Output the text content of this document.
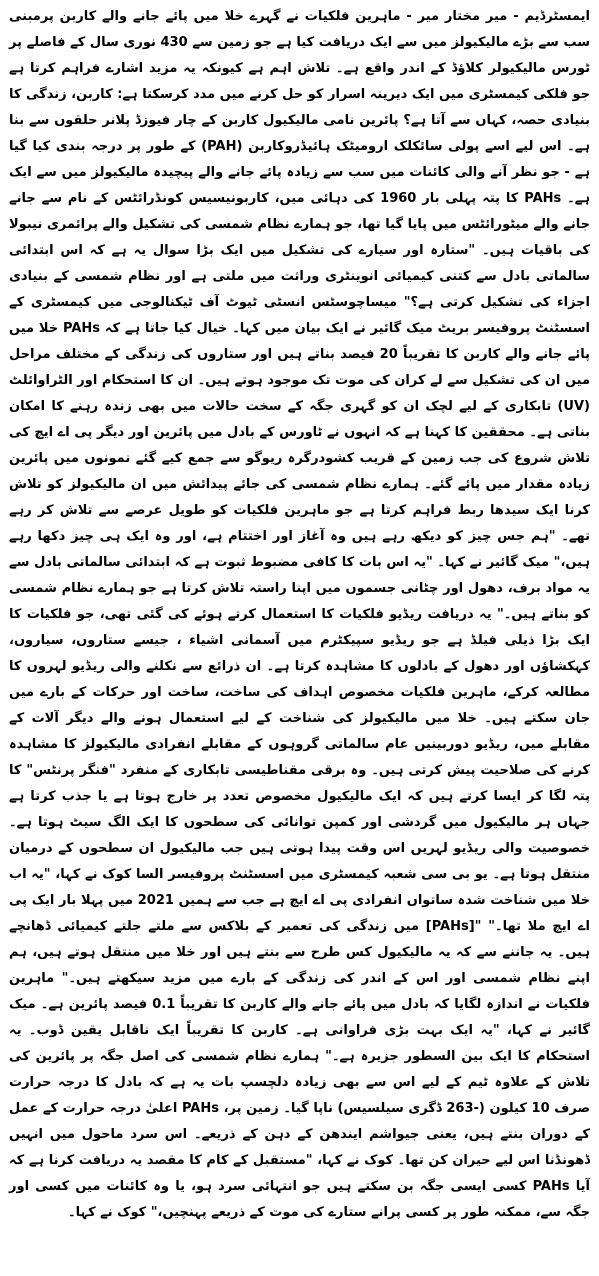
ایمسٹرڈیم - میر مختار میر - ماہرین فلکیات نے گہرے خلا میں پائے جانے والے کاربن پرمبنی سب سے بڑے مالیکیولز میں سے ایک دریافت کیا ہے جو زمین سے 430 نوری سال کے فاصلے پر ٹورس مالیکیولر کلاؤڈ کے اندر واقع ہے۔ تلاش اہم ہے کیونکہ یہ مزید اشارے فراہم کرتا ہے جو فلکی کیمسٹری میں ایک دیرینہ اسرار کو حل کرنے میں مدد کرسکتا ہے: کاربن، زندگی کا بنیادی حصہ، کہاں سے آتا ہے؟ پائرین نامی مالیکیول کاربن کے چار فیوزڈ پلانر حلقوں سے بنا ہے۔ اس لیے اسے پولی سائکلک ارومیٹک ہائیڈروکاربن (PAH) کے طور پر درجہ بندی کیا گیا ہے - جو نظر آنے والی کائنات میں سب سے زیادہ پائے جانے والے پیچیدہ مالیکیولز میں سے ایک ہے۔ PAHs کا پتہ پہلی بار 1960 کی دہائی میں، کاربونیسیس کونڈرائٹس کے نام سے جانے جانے والے میٹورائٹس میں پایا گیا تھا، جو ہمارے نظام شمسی کی تشکیل والے پرائمری نیبولا کی باقیات ہیں۔ "ستارہ اور سیارے کی تشکیل میں ایک بڑا سوال یہ ہے کہ اس ابتدائی سالماتی بادل سے کتنی کیمیائی انوینٹری وراثت میں ملتی ہے اور نظام شمسی کے بنیادی اجزاء کی تشکیل کرتی ہے؟" میساچوسٹس انسٹی ٹیوٹ آف ٹیکنالوجی میں کیمسٹری کے اسسٹنٹ پروفیسر بریٹ میک گائیر نے ایک بیان میں کہا۔ خیال کیا جاتا ہے کہ PAHs خلا میں پائے جانے والے کاربن کا تقریباً 20 فیصد بناتے ہیں اور ستاروں کی زندگی کے مختلف مراحل میں ان کی تشکیل سے لے کران کی موت تک موجود ہوتے ہیں۔ ان کا استحکام اور الٹراوائلٹ (UV) تابکاری کے لیے لچک ان کو گہری جگہ کے سخت حالات میں بھی زندہ رہنے کا امکان بناتی ہے۔ محققین کا کہنا ہے کہ انہوں نے ٹاورس کے بادل میں پائرین اور دیگر پی اے ایچ کی تلاش شروع کی جب زمین کے قریب کشودرگرہ ریوگو سے جمع کیے گئے نمونوں میں پائرین زیادہ مقدار میں پائے گئے۔ ہمارے نظام شمسی کی جائے پیدائش میں ان مالیکیولز کو تلاش کرنا ایک سیدھا ربط فراہم کرتا ہے جو ماہرین فلکیات کو طویل عرصے سے تلاش کر رہے تھے۔ "ہم جس چیز کو دیکھ رہے ہیں وہ آغاز اور اختتام ہے، اور وہ ایک ہی چیز دکھا رہے ہیں،" میک گائیر نے کہا۔ "یہ اس بات کا کافی مضبوط ثبوت ہے کہ ابتدائی سالماتی بادل سے یہ مواد برف، دھول اور چٹانی جسموں میں اپنا راستہ تلاش کرتا ہے جو ہمارے نظام شمسی کو بناتے ہیں۔" یہ دریافت ریڈیو فلکیات کا استعمال کرتے ہوئے کی گئی تھی، جو فلکیات کا ایک بڑا ذیلی فیلڈ ہے جو ریڈیو سپیکٹرم میں آسمانی اشیاء ، جیسے ستاروں، سیاروں، کہکشاؤں اور دھول کے بادلوں کا مشاہدہ کرتا ہے۔ ان ذرائع سے نکلنے والی ریڈیو لہروں کا مطالعہ کرکے، ماہرین فلکیات مخصوص اہداف کی ساخت، ساخت اور حرکات کے بارے میں جان سکتے ہیں۔ خلا میں مالیکیولز کی شناخت کے لیے استعمال ہونے والے دیگر آلات کے مقابلے میں، ریڈیو دوربینیں عام سالماتی گروہوں کے مقابلے انفرادی مالیکیولز کا مشاہدہ کرنے کی صلاحیت پیش کرتی ہیں۔ وہ برقی مقناطیسی تابکاری کے منفرد "فنگر پرنٹس" کا پتہ لگا کر ایسا کرتے ہیں کہ ایک مالیکیول مخصوص تعدد پر خارج ہوتا ہے یا جذب کرتا ہے جہاں ہر مالیکیول میں گردشی اور کمپن توانائی کی سطحوں کا ایک الگ سیٹ ہوتا ہے۔ خصوصیت والی ریڈیو لہریں اس وقت پیدا ہوتی ہیں جب مالیکیول ان سطحوں کے درمیان منتقل ہوتا ہے۔ یو بی سی شعبہ کیمسٹری میں اسسٹنٹ پروفیسر السا کوک نے کہا، "یہ اب خلا میں شناخت شدہ ساتواں انفرادی پی اے ایچ ہے جب سے ہمیں 2021 میں پہلا بار ایک پی اے ایچ ملا تھا۔" "[PAHs] میں زندگی کی تعمیر کے بلاکس سے ملتے جلتے کیمیائی ڈھانچے ہیں۔ یہ جاننے سے کہ یہ مالیکیول کس طرح سے بنتے ہیں اور خلا میں منتقل ہوتے ہیں، ہم اپنے نظام شمسی اور اس کے اندر کی زندگی کے بارے میں مزید سیکھتے ہیں۔" ماہرین فلکیات نے اندازہ لگایا کہ بادل میں پائے جانے والے کاربن کا تقریباً 0.1 فیصد پائرین ہے۔ میک گائیر نے کہا، "یہ ایک بہت بڑی فراوانی ہے۔ کاربن کا تقریباً ایک ناقابل یقین ڈوب۔ یہ استحکام کا ایک بین السطور جزیرہ ہے۔" ہمارے نظام شمسی کی اصل جگہ پر پائرین کی تلاش کے علاوہ ٹیم کے لیے اس سے بھی زیادہ دلچسپ بات یہ ہے کہ بادل کا درجہ حرارت صرف 10 کیلون (-263 ڈگری سیلسیس) ناپا گیا۔ زمین پر، PAHs اعلیٰ درجہ حرارت کے عمل کے دوران بنتے ہیں، یعنی جیواشم ایندھن کے دہن کے ذریعے۔ اس سرد ماحول میں انہیں ڈھونڈنا اس لیے حیران کن تھا۔ کوک نے کہا، "مستقبل کے کام کا مقصد یہ دریافت کرنا ہے کہ آیا PAHs کسی ایسی جگہ بن سکتے ہیں جو انتہائی سرد ہو، یا وہ کائنات میں کسی اور جگہ سے، ممکنہ طور پر کسی پرانے ستارے کی موت کے ذریعے پہنچیں،" کوک نے کہا۔
